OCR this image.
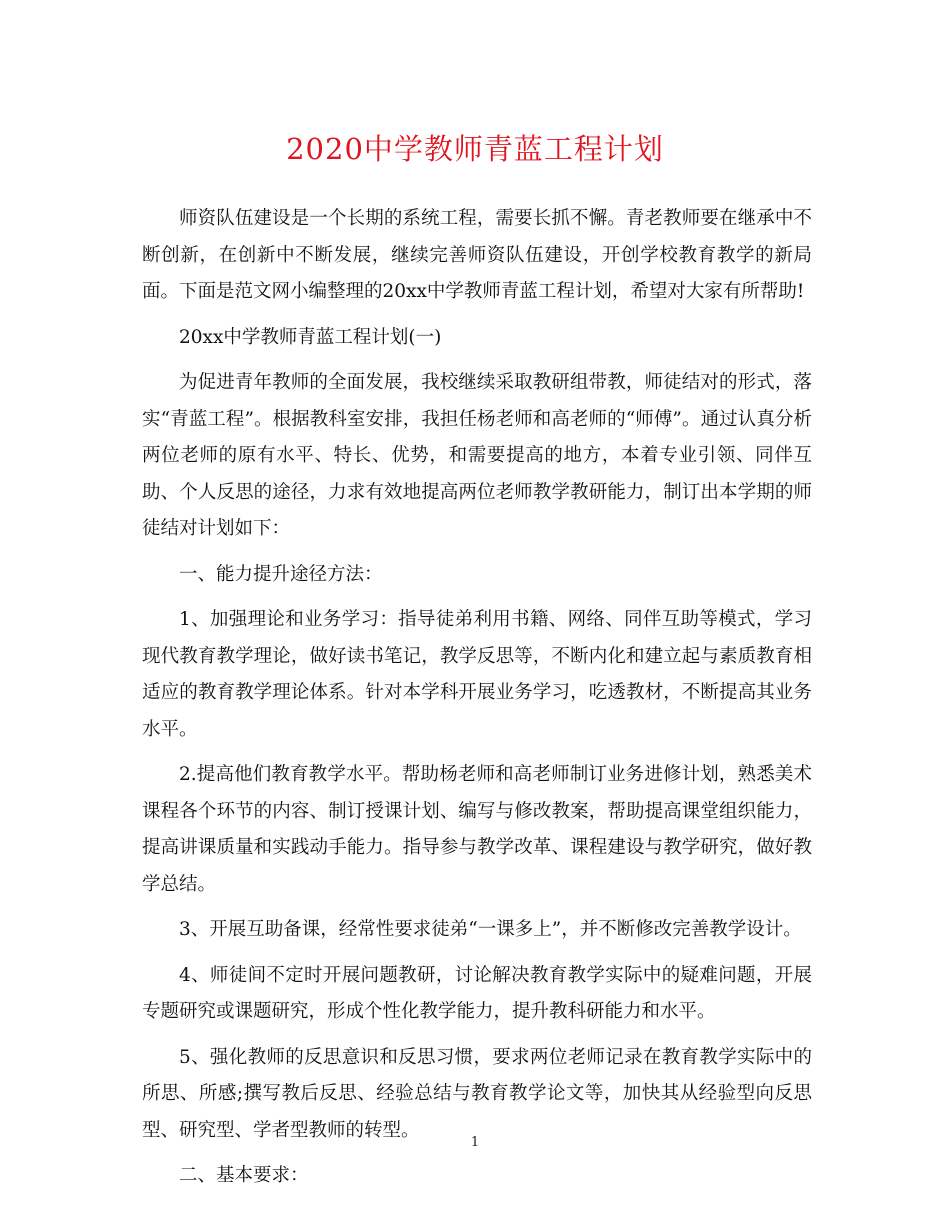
2020中学教师青蓝工程计划

师资队伍建设是一个长期的系统工程，需要长抓不懈。青老教师要在继承中不断创新，在创新中不断发展，继续完善师资队伍建设，开创学校教育教学的新局面。下面是范文网小编整理的20xx中学教师青蓝工程计划，希望对大家有所帮助!

20xx中学教师青蓝工程计划(一)

为促进青年教师的全面发展，我校继续采取教研组带教，师徒结对的形式，落实“青蓝工程”。根据教科室安排，我担任杨老师和高老师的“师傅”。通过认真分析两位老师的原有水平、特长、优势，和需要提高的地方，本着专业引领、同伴互助、个人反思的途径，力求有效地提高两位老师教学教研能力，制订出本学期的师徒结对计划如下：

一、能力提升途径方法：

1、加强理论和业务学习：指导徒弟利用书籍、网络、同伴互助等模式，学习现代教育教学理论，做好读书笔记，教学反思等，不断内化和建立起与素质教育相适应的教育教学理论体系。针对本学科开展业务学习，吃透教材，不断提高其业务水平。

2.提高他们教育教学水平。帮助杨老师和高老师制订业务进修计划，熟悉美术课程各个环节的内容、制订授课计划、编写与修改教案，帮助提高课堂组织能力，提高讲课质量和实践动手能力。指导参与教学改革、课程建设与教学研究，做好教学总结。

3、开展互助备课，经常性要求徒弟“一课多上”，并不断修改完善教学设计。

4、师徒间不定时开展问题教研，讨论解决教育教学实际中的疑难问题，开展专题研究或课题研究，形成个性化教学能力，提升教科研能力和水平。

5、强化教师的反思意识和反思习惯，要求两位老师记录在教育教学实际中的所思、所感;撰写教后反思、经验总结与教育教学论文等，加快其从经验型向反思型、研究型、学者型教师的转型。

二、基本要求：

1
